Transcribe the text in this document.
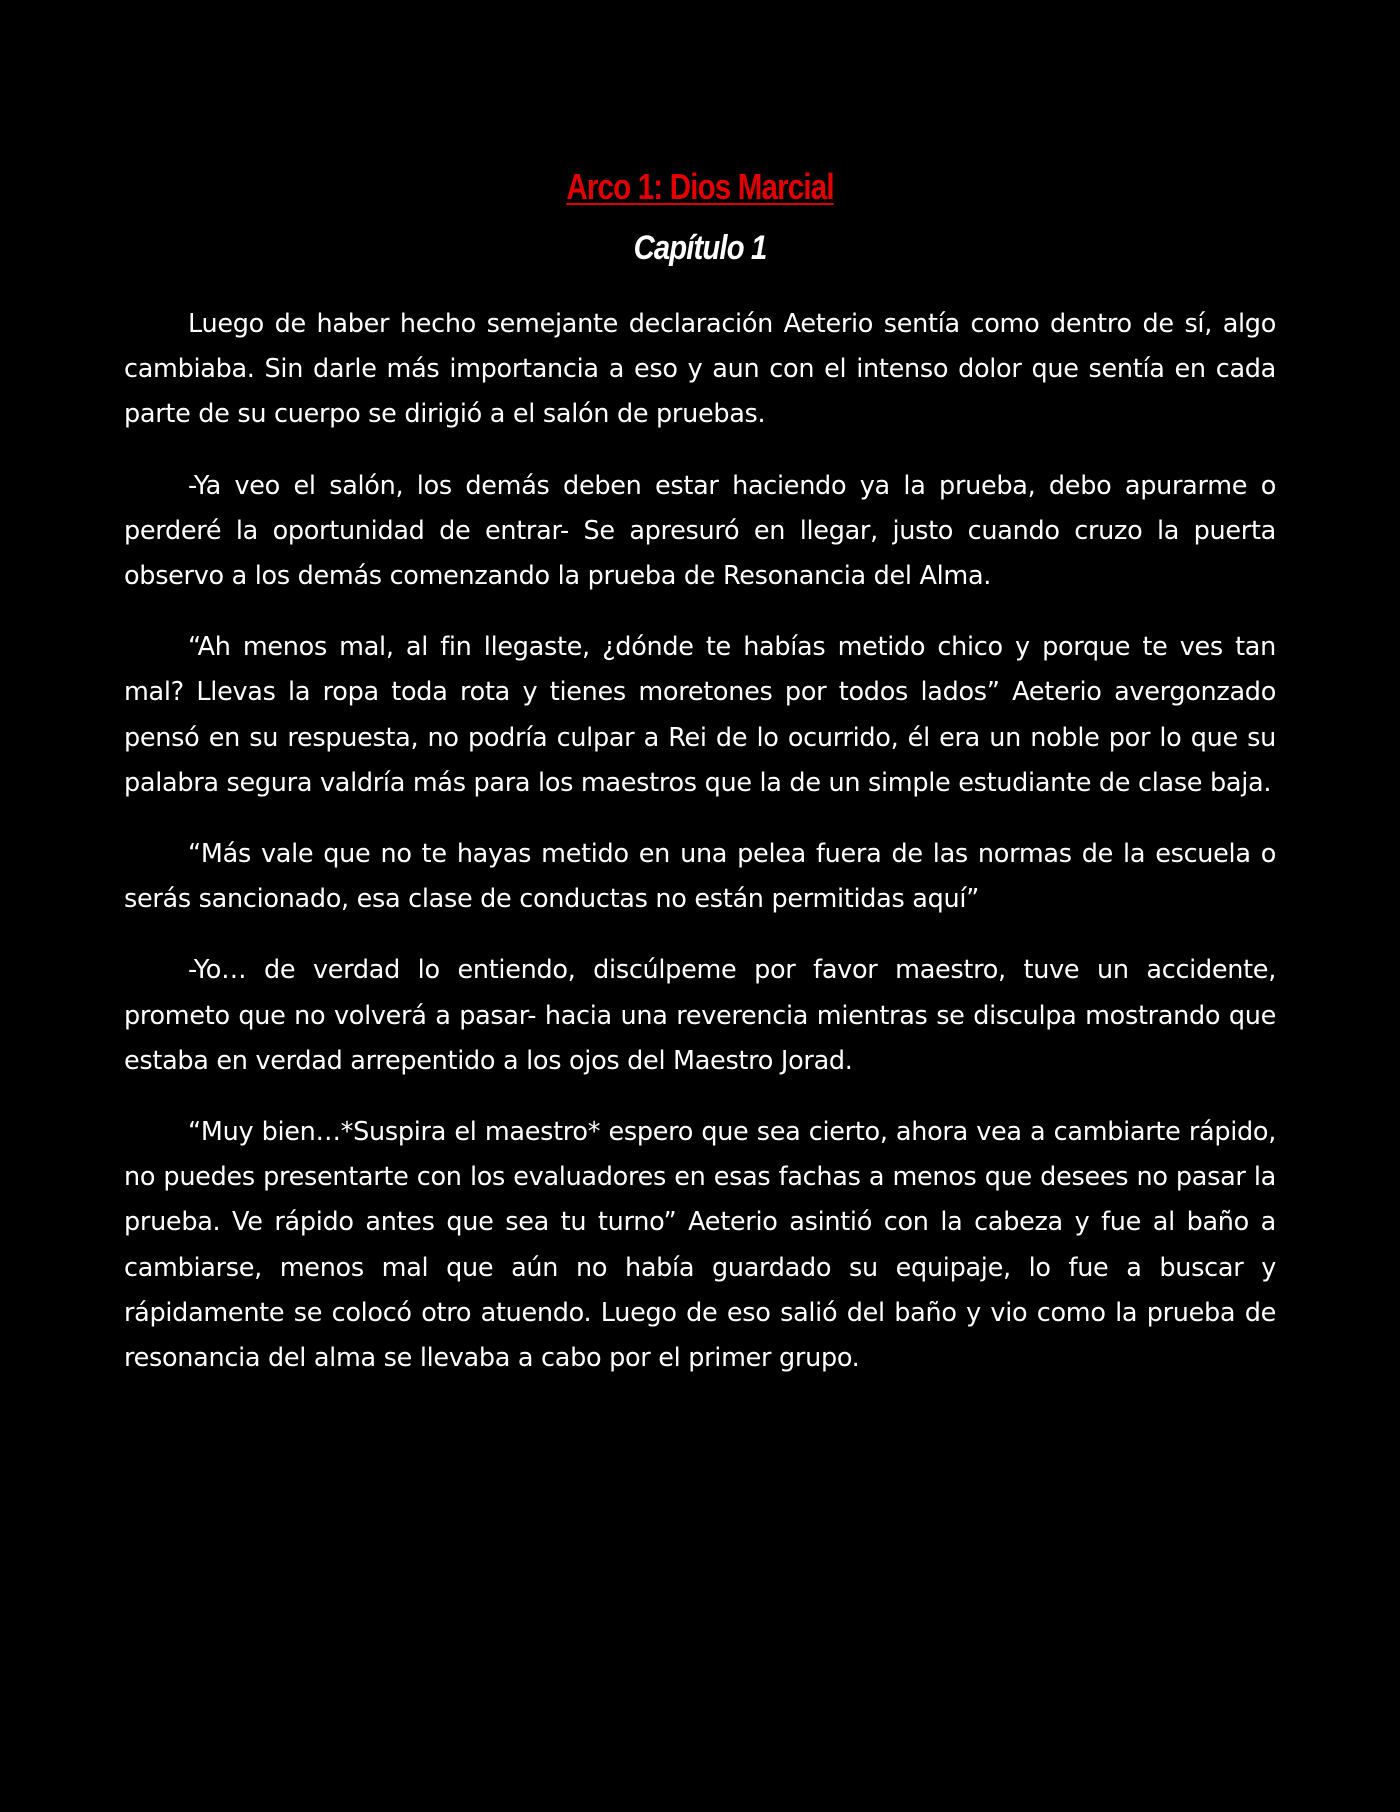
Arco 1: Dios Marcial
Capítulo 1

Luego de haber hecho semejante declaración Aeterio sentía como dentro de sí, algo cambiaba. Sin darle más importancia a eso y aun con el intenso dolor que sentía en cada parte de su cuerpo se dirigió a el salón de pruebas.

-Ya veo el salón, los demás deben estar haciendo ya la prueba, debo apurarme o perderé la oportunidad de entrar- Se apresuró en llegar, justo cuando cruzo la puerta observo a los demás comenzando la prueba de Resonancia del Alma.

“Ah menos mal, al fin llegaste, ¿dónde te habías metido chico y porque te ves tan mal? Llevas la ropa toda rota y tienes moretones por todos lados” Aeterio avergonzado pensó en su respuesta, no podría culpar a Rei de lo ocurrido, él era un noble por lo que su palabra segura valdría más para los maestros que la de un simple estudiante de clase baja.

“Más vale que no te hayas metido en una pelea fuera de las normas de la escuela o serás sancionado, esa clase de conductas no están permitidas aquí”

-Yo… de verdad lo entiendo, discúlpeme por favor maestro, tuve un accidente, prometo que no volverá a pasar- hacia una reverencia mientras se disculpa mostrando que estaba en verdad arrepentido a los ojos del Maestro Jorad.

“Muy bien…*Suspira el maestro* espero que sea cierto, ahora vea a cambiarte rápido, no puedes presentarte con los evaluadores en esas fachas a menos que desees no pasar la prueba. Ve rápido antes que sea tu turno” Aeterio asintió con la cabeza y fue al baño a cambiarse, menos mal que aún no había guardado su equipaje, lo fue a buscar y rápidamente se colocó otro atuendo. Luego de eso salió del baño y vio como la prueba de resonancia del alma se llevaba a cabo por el primer grupo.
